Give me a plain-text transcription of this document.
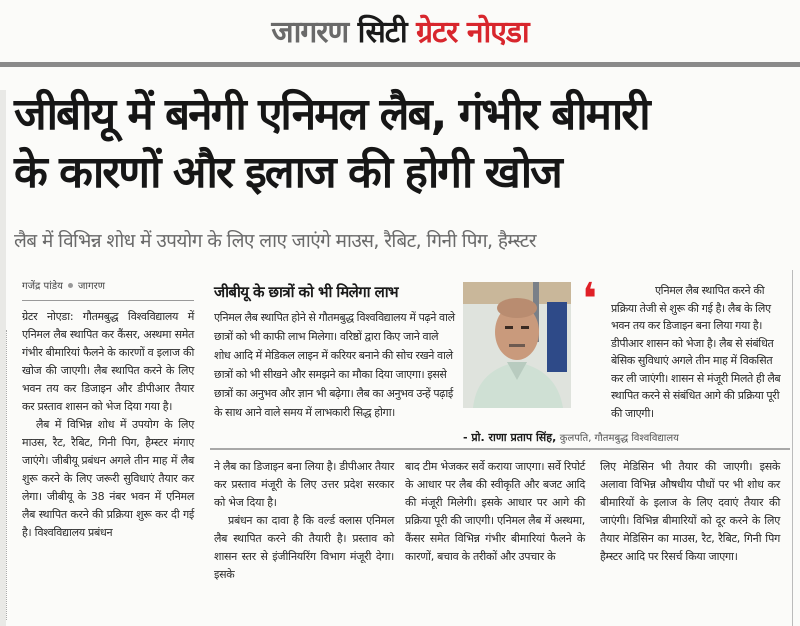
जागरण सिटी ग्रेटर नोएडा
जीबीयू में बनेगी एनिमल लैब, गंभीर बीमारी
के कारणों और इलाज की होगी खोज
लैब में विभिन्न शोध में उपयोग के लिए लाए जाएंगे माउस, रैबिट, गिनी पिग, हैम्स्टर
गजेंद्र पांडेय जागरण

ग्रेटर नोएडा: गौतमबुद्ध विश्वविद्यालय में एनिमल लैब स्थापित कर कैंसर, अस्थमा समेत गंभीर बीमारियां फैलने के कारणों व इलाज की खोज की जाएगी। लैब स्थापित करने के लिए भवन तय कर डिजाइन और डीपीआर तैयार कर प्रस्ताव शासन को भेज दिया गया है।

लैब में विभिन्न शोध में उपयोग के लिए माउस, रैट, रैबिट, गिनी पिग, हैम्स्टर मंगाए जाएंगे। जीबीयू प्रबंधन अगले तीन माह में लैब शुरू करने के लिए जरूरी सुविधाएं तैयार कर लेगा। जीबीयू के 38 नंबर भवन में एनिमल लैब स्थापित करने की प्रक्रिया शुरू कर दी गई है। विश्वविद्यालय प्रबंधन

जीबीयू के छात्रों को भी मिलेगा लाभ
एनिमल लैब स्थापित होने से गौतमबुद्ध विश्वविद्यालय में पढ़ने वाले छात्रों को भी काफी लाभ मिलेगा। वरिष्ठों द्वारा किए जाने वाले शोध आदि में मेडिकल लाइन में करियर बनाने की सोच रखने वाले छात्रों को भी सीखने और समझने का मौका दिया जाएगा। इससे छात्रों का अनुभव और ज्ञान भी बढ़ेगा। लैब का अनुभव उन्हें पढ़ाई के साथ आने वाले समय में लाभकारी सिद्ध होगा।
एनिमल लैब स्थापित करने की प्रक्रिया तेजी से शुरू की गई है। लैब के लिए भवन तय कर डिजाइन बना लिया गया है। डीपीआर शासन को भेजा है। लैब से संबंधित बेसिक सुविधाएं अगले तीन माह में विकसित कर ली जाएंगी। शासन से मंजूरी मिलते ही लैब स्थापित करने से संबंधित आगे की प्रक्रिया पूरी की जाएगी।
❛
- प्रो. राणा प्रताप सिंह, कुलपति, गौतमबुद्ध विश्वविद्यालय

ने लैब का डिजाइन बना लिया है। डीपीआर तैयार कर प्रस्ताव मंजूरी के लिए उत्तर प्रदेश सरकार को भेज दिया है।

प्रबंधन का दावा है कि वर्ल्ड क्लास एनिमल लैब स्थापित करने की तैयारी है। प्रस्ताव को शासन स्तर से इंजीनियरिंग विभाग मंजूरी देगा। इसके

बाद टीम भेजकर सर्वे कराया जाएगा। सर्वे रिपोर्ट के आधार पर लैब की स्वीकृति और बजट आदि की मंजूरी मिलेगी। इसके आधार पर आगे की प्रक्रिया पूरी की जाएगी। एनिमल लैब में अस्थमा, कैंसर समेत विभिन्न गंभीर बीमारियां फैलने के कारणों, बचाव के तरीकों और उपचार के

लिए मेडिसिन भी तैयार की जाएगी। इसके अलावा विभिन्न औषधीय पौधों पर भी शोध कर बीमारियों के इलाज के लिए दवाएं तैयार की जाएंगी। विभिन्न बीमारियों को दूर करने के लिए तैयार मेडिसिन का माउस, रैट, रैबिट, गिनी पिग हैम्स्टर आदि पर रिसर्च किया जाएगा।
